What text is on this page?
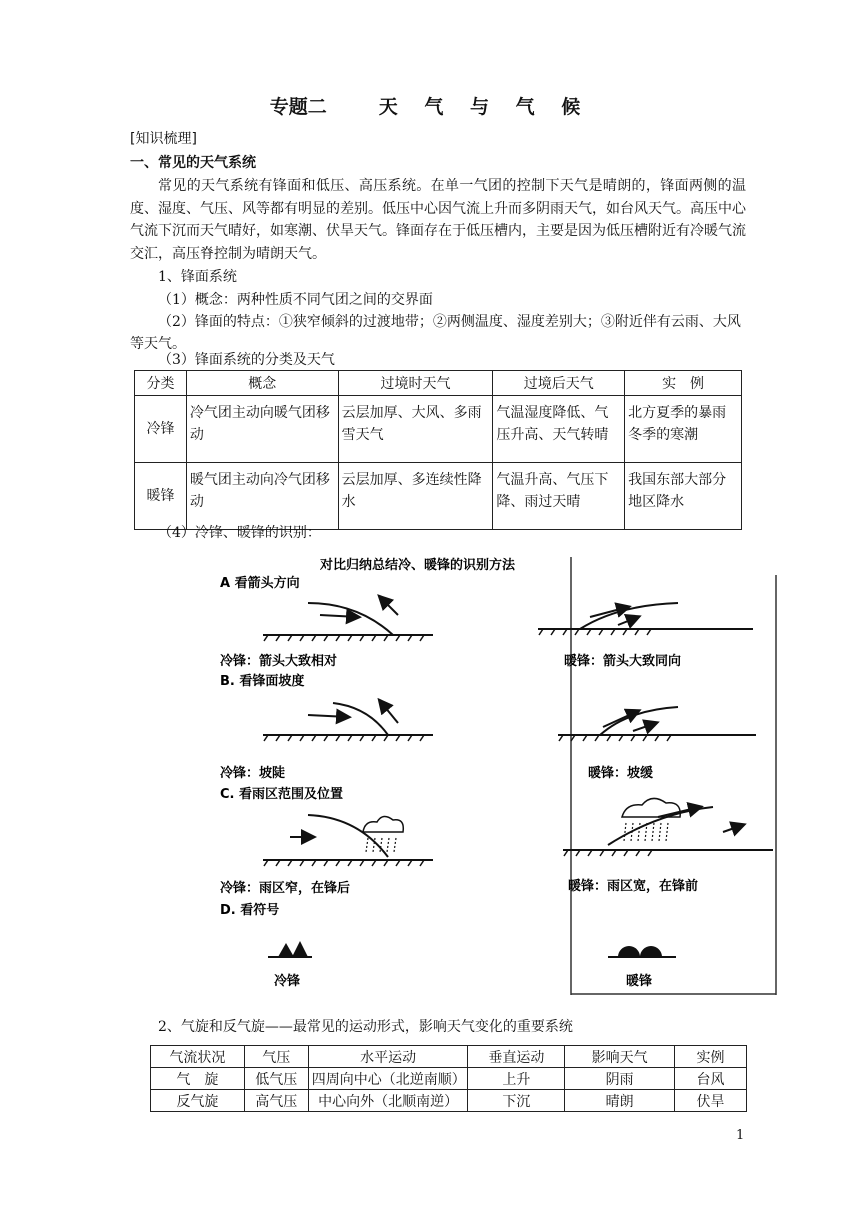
专题二	天 气 与 气 候
[知识梳理]
一、常见的天气系统
常见的天气系统有锋面和低压、高压系统。在单一气团的控制下天气是晴朗的，锋面两侧的温度、湿度、气压、风等都有明显的差别。低压中心因气流上升而多阴雨天气，如台风天气。高压中心气流下沉而天气晴好，如寒潮、伏旱天气。锋面存在于低压槽内，主要是因为低压槽附近有冷暖气流交汇，高压脊控制为晴朗天气。
1、锋面系统
（1）概念：两种性质不同气团之间的交界面
（2）锋面的特点：①狭窄倾斜的过渡地带；②两侧温度、湿度差别大；③附近伴有云雨、大风等天气。
（3）锋面系统的分类及天气
分类	概念	过境时天气	过境后天气	实　例
冷锋	冷气团主动向暖气团移动	云层加厚、大风、多雨雪天气	气温湿度降低、气压升高、天气转晴	北方夏季的暴雨冬季的寒潮
暖锋	暖气团主动向冷气团移动	云层加厚、多连续性降水	气温升高、气压下降、雨过天晴	我国东部大部分地区降水
（4）冷锋、暖锋的识别：
对比归纳总结冷、暖锋的识别方法
A 看箭头方向
冷锋：箭头大致相对	暖锋：箭头大致同向
B. 看锋面坡度
冷锋：坡陡	暖锋：坡缓
C. 看雨区范围及位置
冷锋：雨区窄，在锋后	暖锋：雨区宽，在锋前
D. 看符号
冷锋	暖锋
2、气旋和反气旋——最常见的运动形式，影响天气变化的重要系统
气流状况	气压	水平运动	垂直运动	影响天气	实例
气　旋	低气压	四周向中心（北逆南顺）	上升	阴雨	台风
反气旋	高气压	中心向外（北顺南逆）	下沉	晴朗	伏旱
1
